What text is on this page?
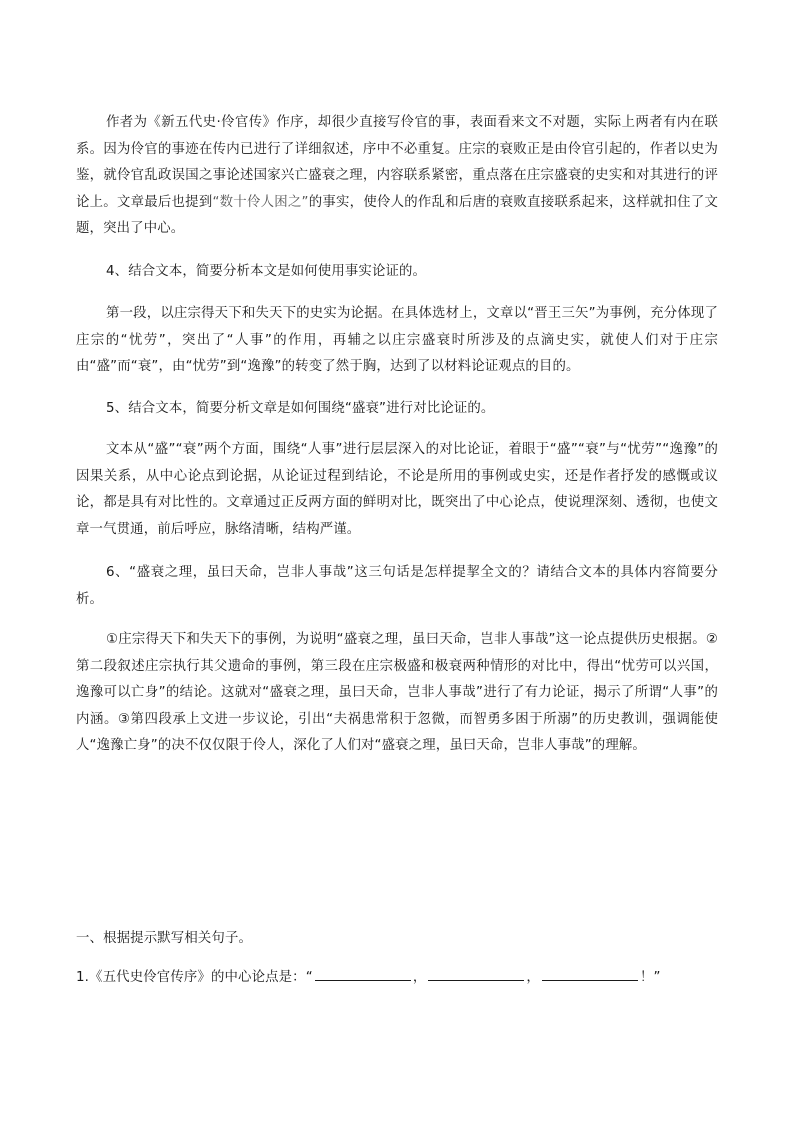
作者为《新五代史·伶官传》作序，却很少直接写伶官的事，表面看来文不对题，实际上两者有内在联系。因为伶官的事迹在传内已进行了详细叙述，序中不必重复。庄宗的衰败正是由伶官引起的，作者以史为鉴，就伶官乱政误国之事论述国家兴亡盛衰之理，内容联系紧密，重点落在庄宗盛衰的史实和对其进行的评论上。文章最后也提到“数十伶人困之”的事实，使伶人的作乱和后唐的衰败直接联系起来，这样就扣住了文题，突出了中心。

4、结合文本，简要分析本文是如何使用事实论证的。

第一段，以庄宗得天下和失天下的史实为论据。在具体选材上，文章以“晋王三矢”为事例，充分体现了庄宗的“忧劳”，突出了“人事”的作用，再辅之以庄宗盛衰时所涉及的点滴史实，就使人们对于庄宗由“盛”而“衰”，由“忧劳”到“逸豫”的转变了然于胸，达到了以材料论证观点的目的。

5、结合文本，简要分析文章是如何围绕“盛衰”进行对比论证的。

文本从“盛”“衰”两个方面，围绕“人事”进行层层深入的对比论证，着眼于“盛”“衰”与“忧劳”“逸豫”的因果关系，从中心论点到论据，从论证过程到结论，不论是所用的事例或史实，还是作者抒发的感慨或议论，都是具有对比性的。文章通过正反两方面的鲜明对比，既突出了中心论点，使说理深刻、透彻，也使文章一气贯通，前后呼应，脉络清晰，结构严谨。

6、“盛衰之理，虽曰天命，岂非人事哉”这三句话是怎样提挈全文的？请结合文本的具体内容简要分析。

①庄宗得天下和失天下的事例，为说明“盛衰之理，虽曰天命，岂非人事哉”这一论点提供历史根据。②第二段叙述庄宗执行其父遗命的事例，第三段在庄宗极盛和极衰两种情形的对比中，得出“忧劳可以兴国，逸豫可以亡身”的结论。这就对“盛衰之理，虽曰天命，岂非人事哉”进行了有力论证，揭示了所谓“人事”的内涵。③第四段承上文进一步议论，引出“夫祸患常积于忽微，而智勇多困于所溺”的历史教训，强调能使人“逸豫亡身”的决不仅仅限于伶人，深化了人们对“盛衰之理，虽曰天命，岂非人事哉”的理解。

一、根据提示默写相关句子。

1.《五代史伶官传序》的中心论点是：“	，	，	！”
